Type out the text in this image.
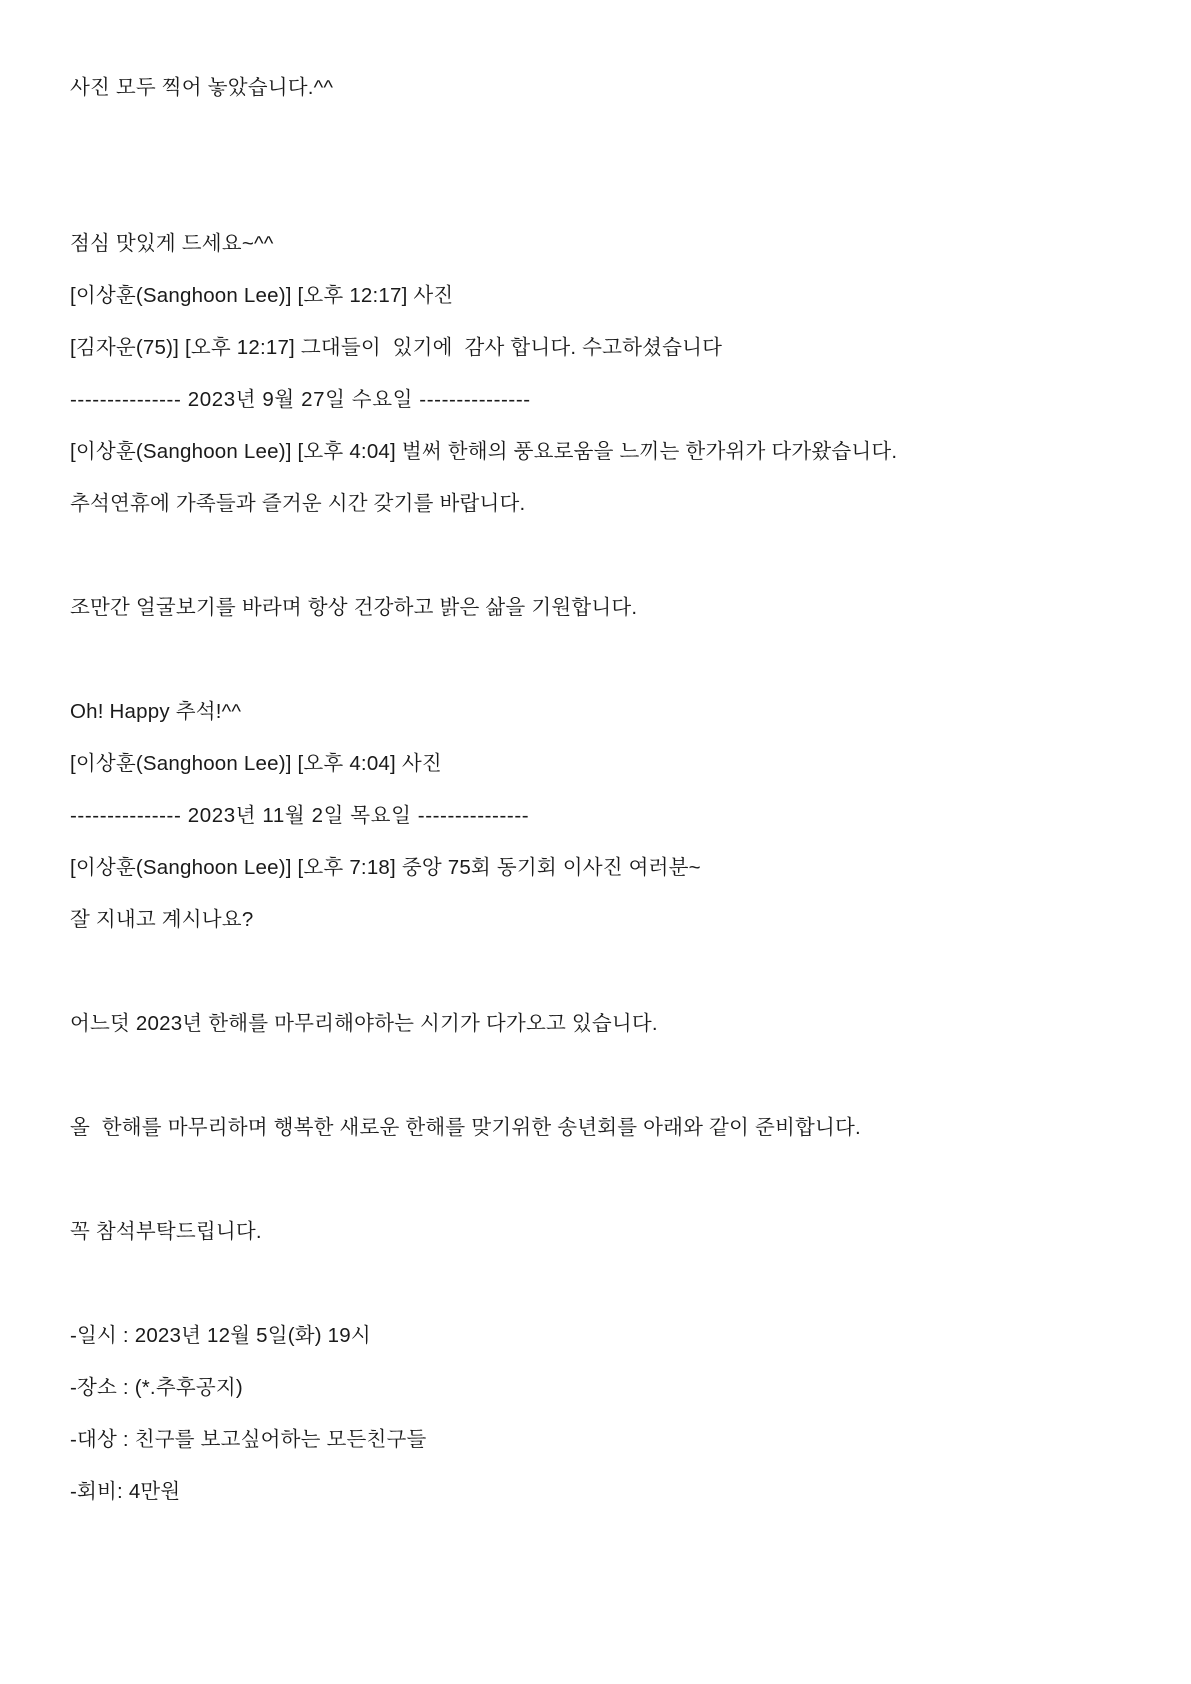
사진 모두 찍어 놓았습니다.^^
점심 맛있게 드세요~^^
[이상훈(Sanghoon Lee)] [오후 12:17] 사진
[김자운(75)] [오후 12:17] 그대들이  있기에  감사 합니다. 수고하셨습니다
--------------- 2023년 9월 27일 수요일 ---------------
[이상훈(Sanghoon Lee)] [오후 4:04] 벌써 한해의 풍요로움을 느끼는 한가위가 다가왔습니다.
추석연휴에 가족들과 즐거운 시간 갖기를 바랍니다.
조만간 얼굴보기를 바라며 항상 건강하고 밝은 삶을 기원합니다.
Oh! Happy 추석!^^
[이상훈(Sanghoon Lee)] [오후 4:04] 사진
--------------- 2023년 11월 2일 목요일 ---------------
[이상훈(Sanghoon Lee)] [오후 7:18] 중앙 75회 동기회 이사진 여러분~
잘 지내고 계시나요?
어느덧 2023년 한해를 마무리해야하는 시기가 다가오고 있습니다.
올  한해를 마무리하며 행복한 새로운 한해를 맞기위한 송년회를 아래와 같이 준비합니다.
꼭 참석부탁드립니다.
-일시 : 2023년 12월 5일(화) 19시
-장소 : (*.추후공지)
-대상 : 친구를 보고싶어하는 모든친구들
-회비: 4만원
